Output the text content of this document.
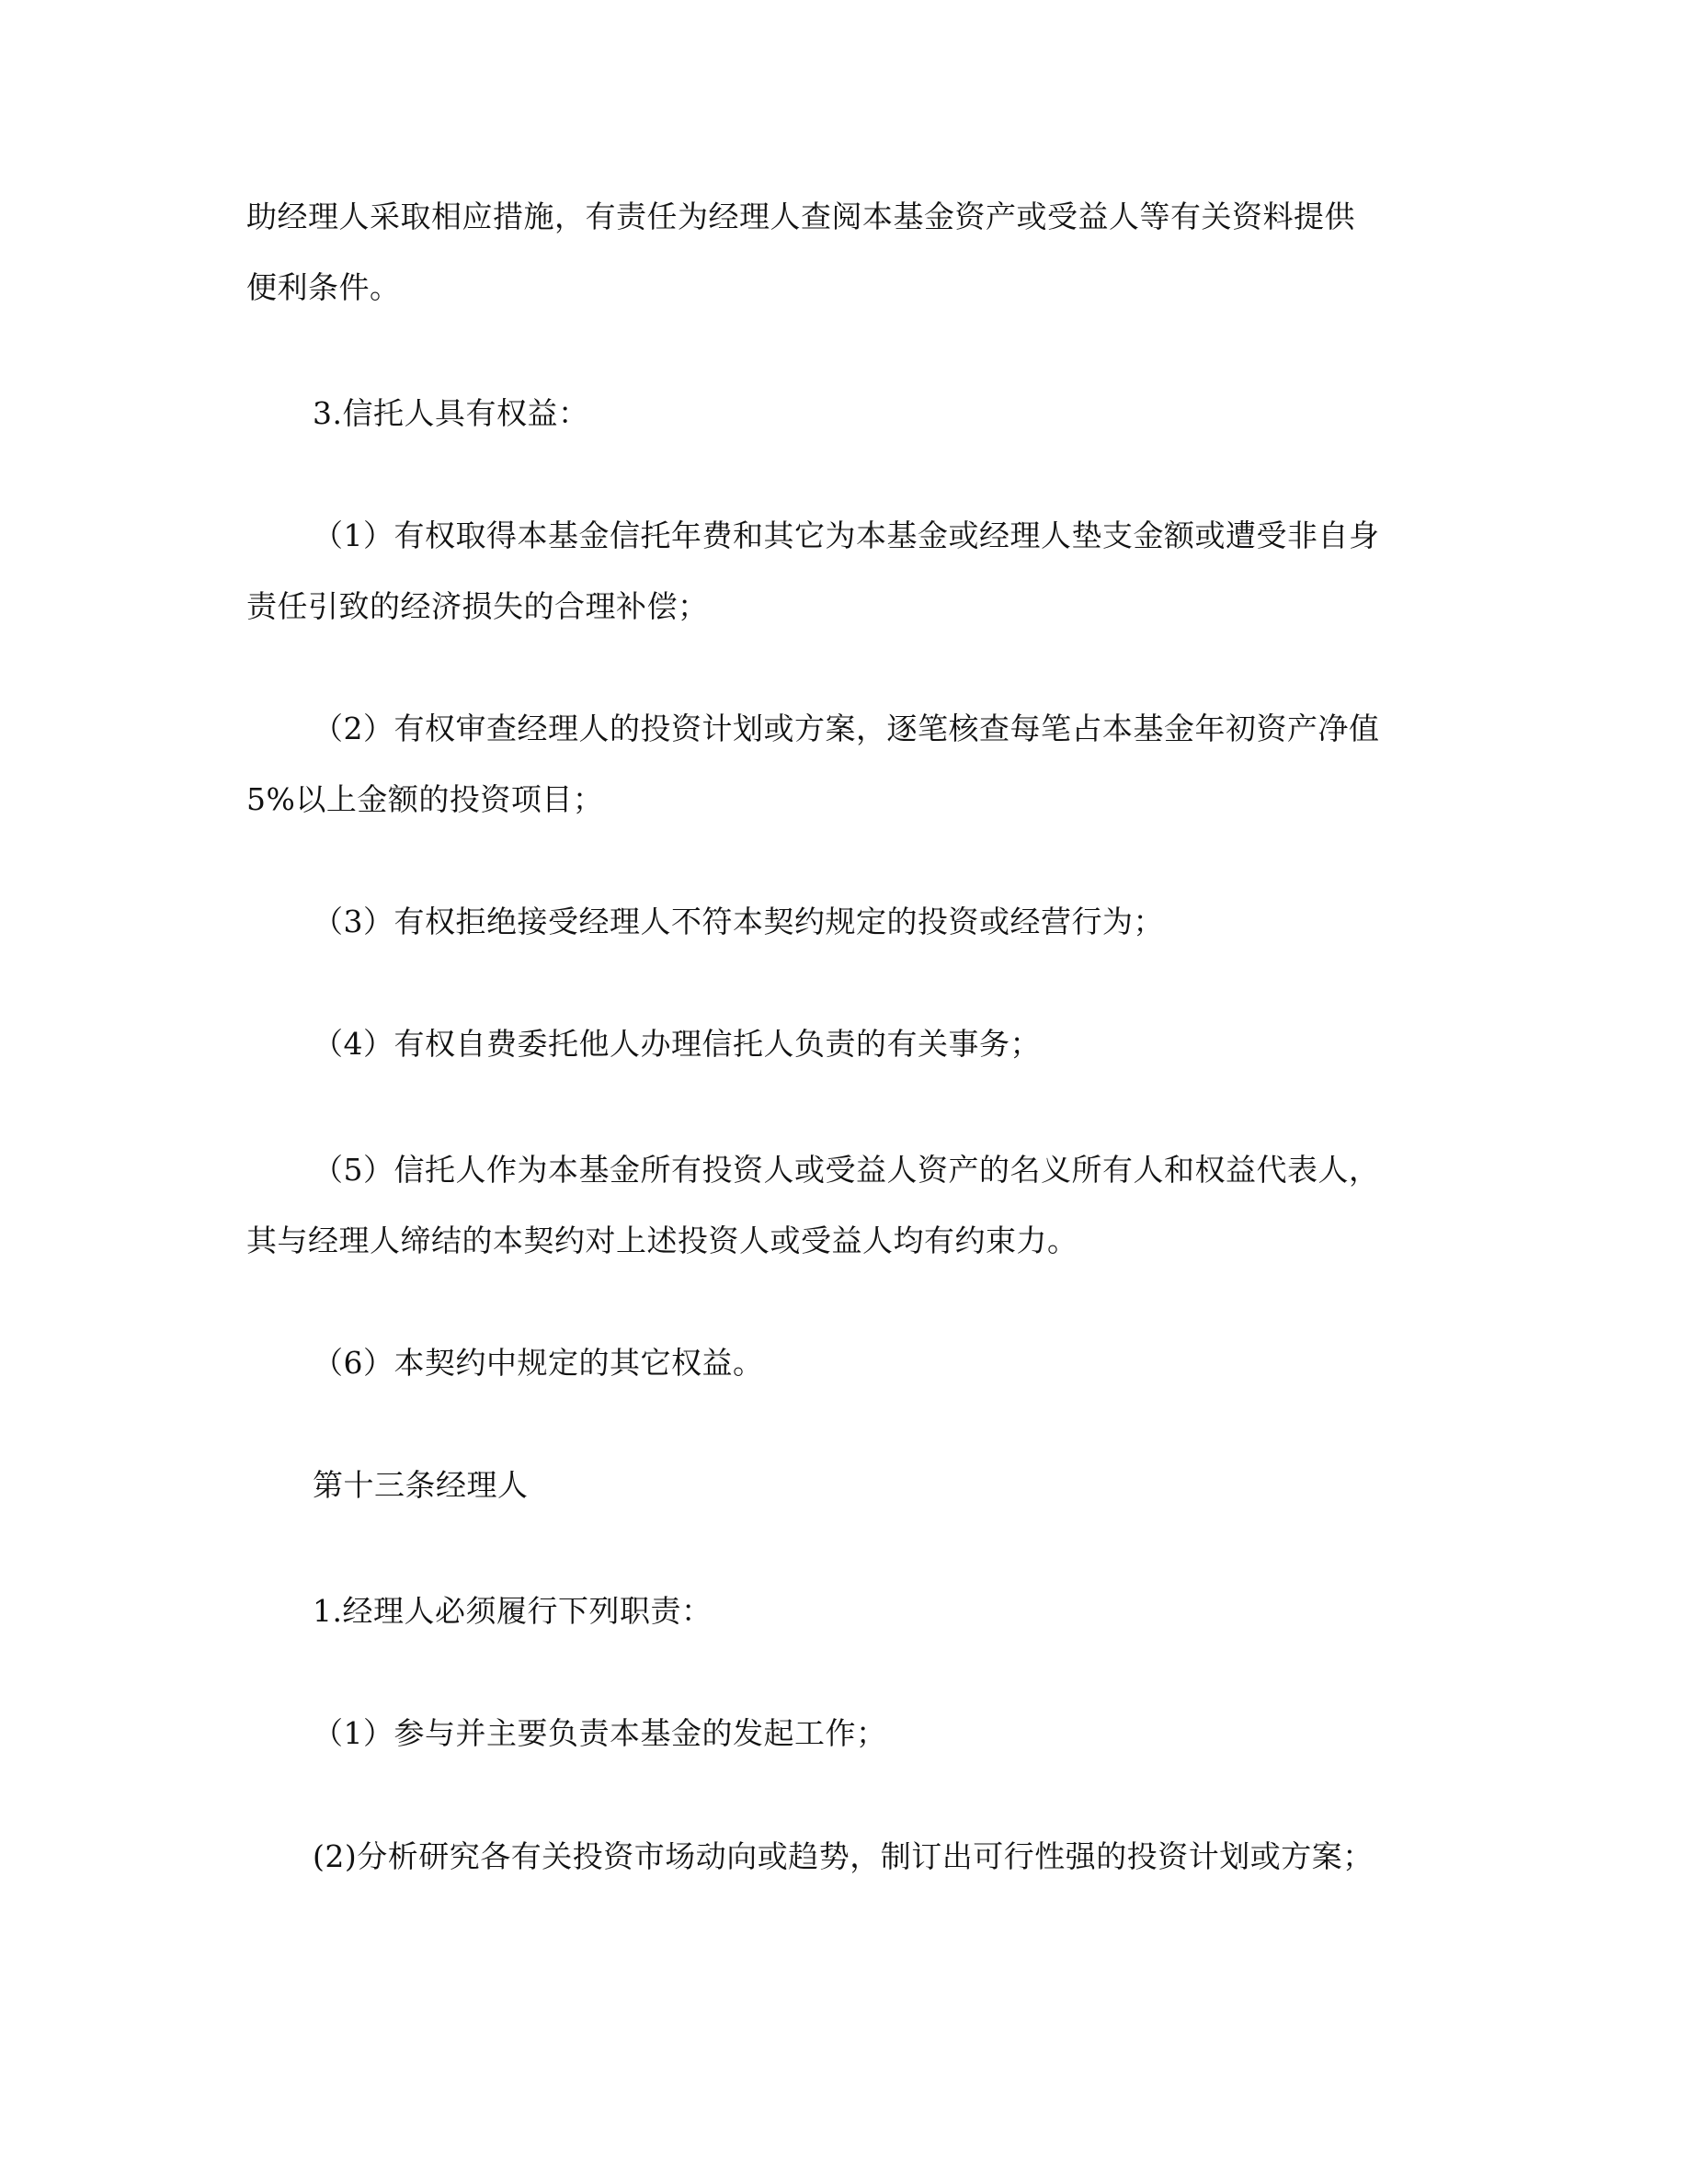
助经理人采取相应措施，有责任为经理人查阅本基金资产或受益人等有关资料提供
便利条件。
3.信托人具有权益：
（1）有权取得本基金信托年费和其它为本基金或经理人垫支金额或遭受非自身
责任引致的经济损失的合理补偿；
（2）有权审查经理人的投资计划或方案，逐笔核查每笔占本基金年初资产净值
5%以上金额的投资项目；
（3）有权拒绝接受经理人不符本契约规定的投资或经营行为；
（4）有权自费委托他人办理信托人负责的有关事务；
（5）信托人作为本基金所有投资人或受益人资产的名义所有人和权益代表人，
其与经理人缔结的本契约对上述投资人或受益人均有约束力。
（6）本契约中规定的其它权益。
第十三条经理人
1.经理人必须履行下列职责：
（1）参与并主要负责本基金的发起工作；
(2)分析研究各有关投资市场动向或趋势，制订出可行性强的投资计划或方案；
